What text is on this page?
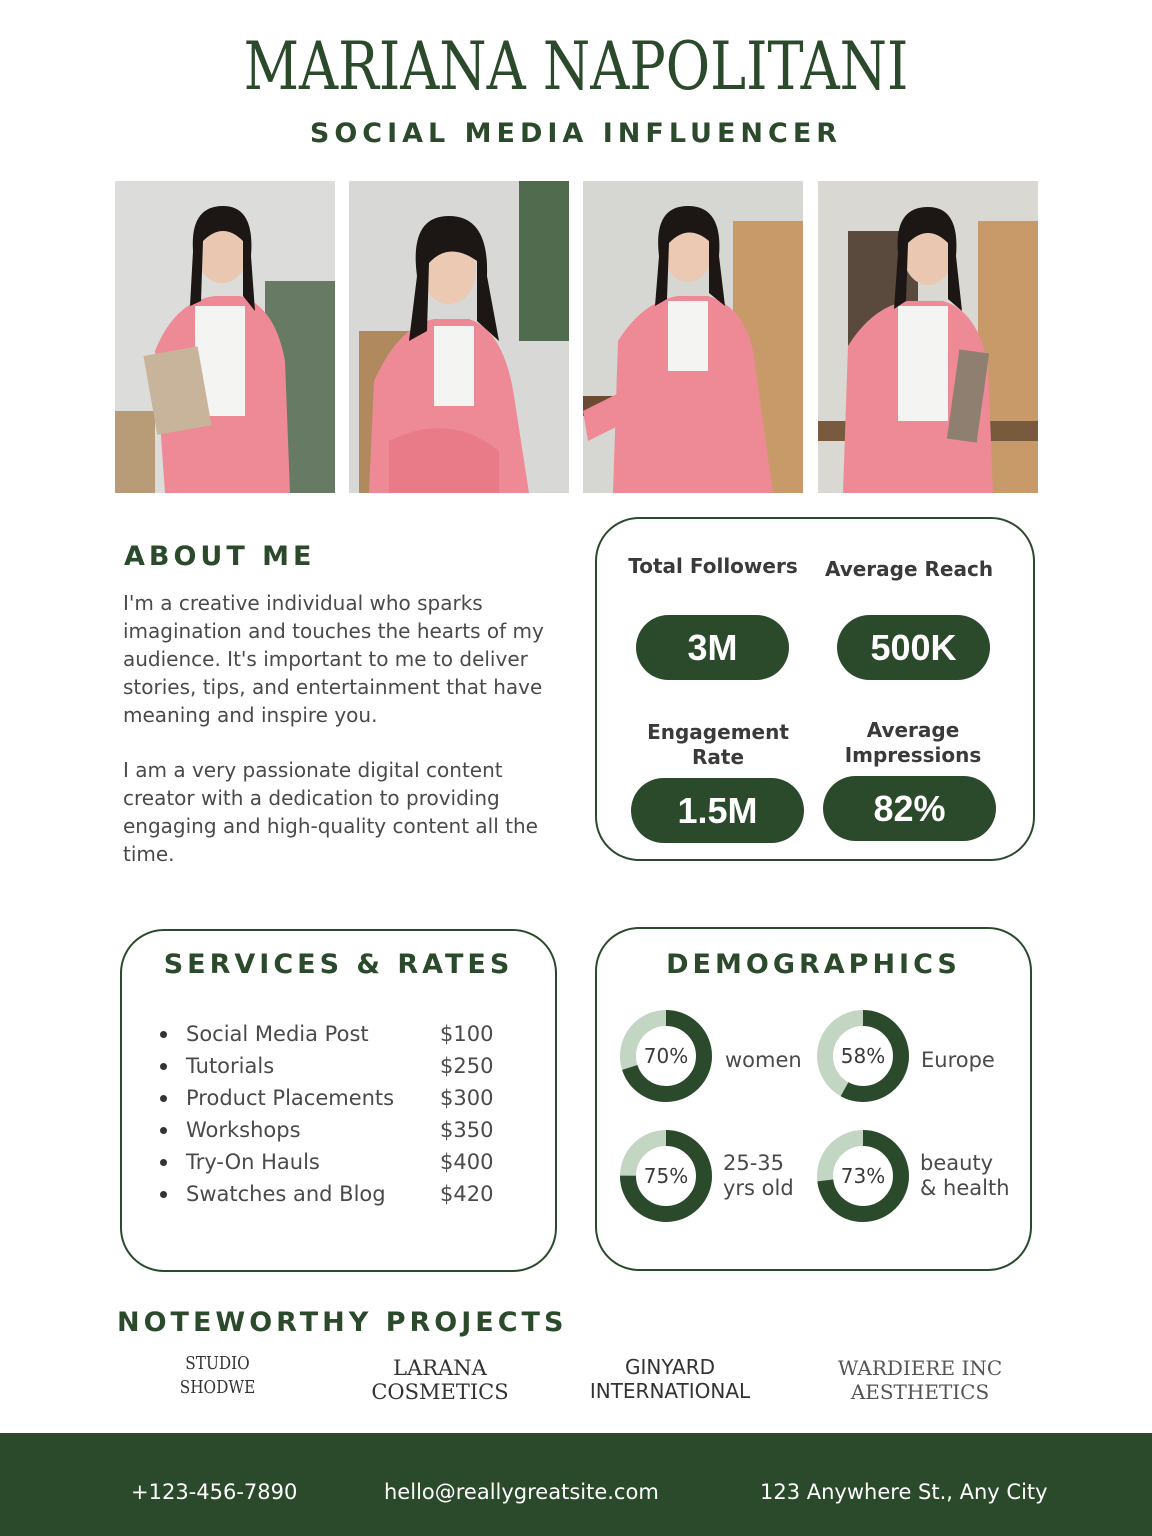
MARIANA NAPOLITANI
SOCIAL MEDIA INFLUENCER
ABOUT ME

I'm a creative individual who sparks imagination and touches the hearts of my audience. It's important to me to deliver stories, tips, and entertainment that have meaning and inspire you.

I am a very passionate digital content creator with a dedication to providing engaging and high-quality content all the time.

Total Followers
3M
Average Reach
500K
Engagement Rate
1.5M
Average Impressions
82%
SERVICES & RATES
Social Media Post	$100
Tutorials	$250
Product Placements $300
Workshops	$350
Try-On Hauls	$400
Swatches and Blog	$420
DEMOGRAPHICS
70% women 58% Europe
75%
25-35
yrs old 73%
beauty
& health
NOTEWORTHY PROJECTS
STUDIO
SHODWE
LARANA
COSMETICS
GINYARD
INTERNATIONAL
WARDIERE INC
AESTHETICS
+123-456-7890	hello@reallygreatsite.com	123 Anywhere St., Any City
